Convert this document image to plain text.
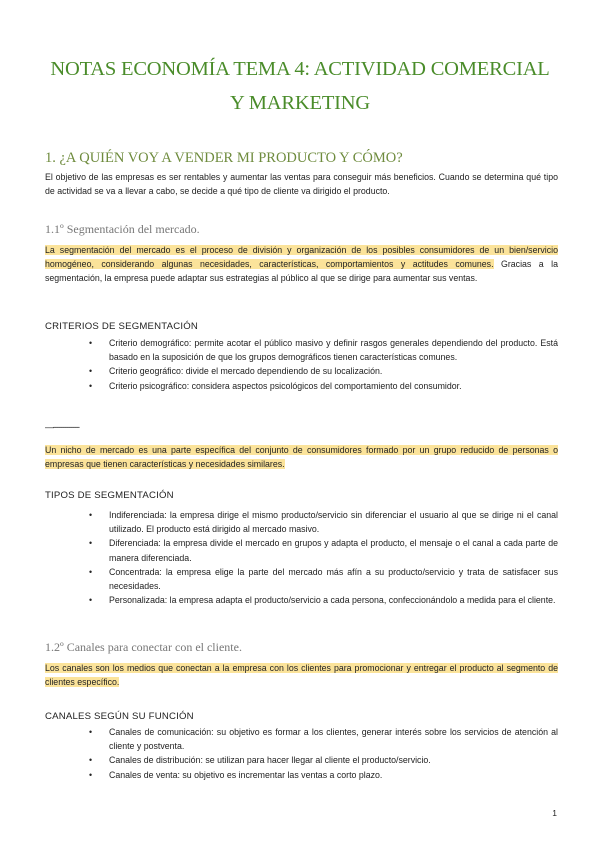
NOTAS ECONOMÍA TEMA 4: ACTIVIDAD COMERCIAL
Y MARKETING
1. ¿A QUIÉN VOY A VENDER MI PRODUCTO Y CÓMO?

El objetivo de las empresas es ser rentables y aumentar las ventas para conseguir más beneficios. Cuando se determina qué tipo de actividad se va a llevar a cabo, se decide a qué tipo de cliente va dirigido el producto.

1.1º Segmentación del mercado.

La segmentación del mercado es el proceso de división y organización de los posibles consumidores de un bien/servicio homogéneo, considerando algunas necesidades, características, comportamientos y actitudes comunes. Gracias a la segmentación, la empresa puede adaptar sus estrategias al público al que se dirige para aumentar sus ventas.

CRITERIOS DE SEGMENTACIÓN

• Criterio demográfico: permite acotar el público masivo y definir rasgos generales dependiendo del producto. Está basado en la suposición de que los grupos demográficos tienen características comunes.
• Criterio geográfico: divide el mercado dependiendo de su localización.
• Criterio psicográfico: considera aspectos psicológicos del comportamiento del consumidor.
—-------------

Un nicho de mercado es una parte específica del conjunto de consumidores formado por un grupo reducido de personas o empresas que tienen características y necesidades similares.

TIPOS DE SEGMENTACIÓN

• Indiferenciada: la empresa dirige el mismo producto/servicio sin diferenciar el usuario al que se dirige ni el canal utilizado. El producto está dirigido al mercado masivo.
• Diferenciada: la empresa divide el mercado en grupos y adapta el producto, el mensaje o el canal a cada parte de manera diferenciada.
• Concentrada: la empresa elige la parte del mercado más afín a su producto/servicio y trata de satisfacer sus necesidades.
• Personalizada: la empresa adapta el producto/servicio a cada persona, confeccionándolo a medida para el cliente.
1.2º Canales para conectar con el cliente.

Los canales son los medios que conectan a la empresa con los clientes para promocionar y entregar el producto al segmento de clientes específico.

CANALES SEGÚN SU FUNCIÓN

• Canales de comunicación: su objetivo es formar a los clientes, generar interés sobre los servicios de atención al cliente y postventa.
• Canales de distribución: se utilizan para hacer llegar al cliente el producto/servicio.
• Canales de venta: su objetivo es incrementar las ventas a corto plazo.
1
